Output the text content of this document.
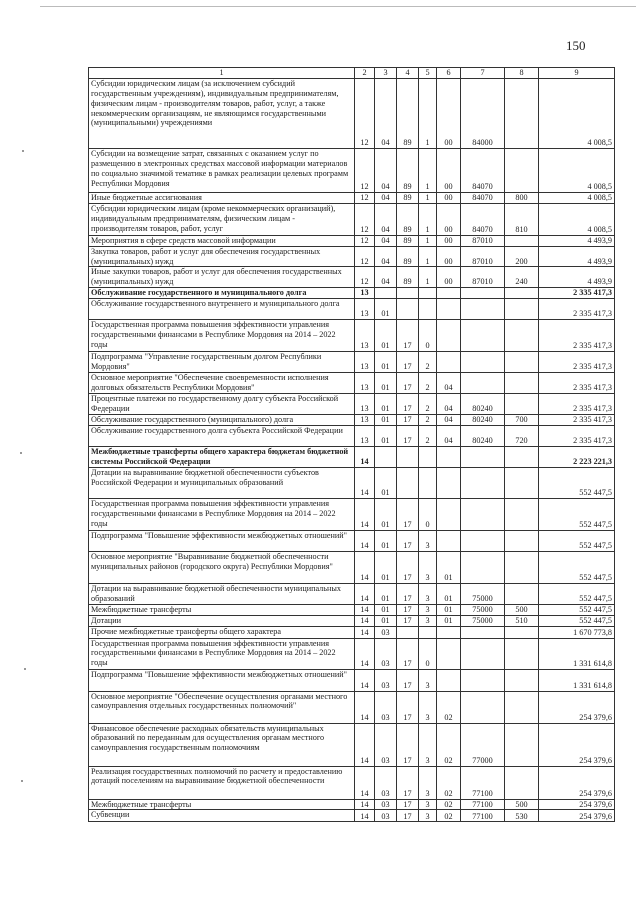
150
1	2	3	4	5	6	7	8	9
Субсидии юридическим лицам (за исключением субсидий государственным учреждениям), индивидуальным предпринимателям, физическим лицам - производителям товаров, работ, услуг, а также некоммерческим организациям, не являющимся государственными (муниципальными) учреждениями	12	04	89	1	00	84000		4 008,5
Субсидии на возмещение затрат, связанных с оказанием услуг по размещению в электронных средствах массовой информации материалов по социально значимой тематике в рамках реализации целевых программ Республики Мордовия	12	04	89	1	00	84070		4 008,5
Иные бюджетные ассигнования	12	04	89	1	00	84070	800	4 008,5
Субсидии юридическим лицам (кроме некоммерческих организаций), индивидуальным предпринимателям, физическим лицам - производителям товаров, работ, услуг	12	04	89	1	00	84070	810	4 008,5
Мероприятия в сфере средств массовой информации	12	04	89	1	00	87010		4 493,9
Закупка товаров, работ и услуг для обеспечения государственных (муниципальных) нужд	12	04	89	1	00	87010	200	4 493,9
Иные закупки товаров, работ и услуг для обеспечения государственных (муниципальных) нужд	12	04	89	1	00	87010	240	4 493,9
Обслуживание государственного и муниципального долга	13							2 335 417,3
Обслуживание государственного внутреннего и муниципального долга	13	01						2 335 417,3
Государственная программа повышения эффективности управления государственными финансами в Республике Мордовия на 2014 – 2022 годы	13	01	17	0				2 335 417,3
Подпрограмма "Управление государственным долгом Республики Мордовия"	13	01	17	2				2 335 417,3
Основное мероприятие "Обеспечение своевременности исполнения долговых обязательств Республики Мордовия"	13	01	17	2	04			2 335 417,3
Процентные платежи по государственному долгу субъекта Российской Федерации	13	01	17	2	04	80240		2 335 417,3
Обслуживание государственного (муниципального) долга	13	01	17	2	04	80240	700	2 335 417,3
Обслуживание государственного долга субъекта Российской Федерации	13	01	17	2	04	80240	720	2 335 417,3
Межбюджетные трансферты общего характера бюджетам бюджетной системы Российской Федерации	14							2 223 221,3
Дотации на выравнивание бюджетной обеспеченности субъектов Российской Федерации и муниципальных образований	14	01						552 447,5
Государственная программа повышения эффективности управления государственными финансами в Республике Мордовия на 2014 – 2022 годы	14	01	17	0				552 447,5
Подпрограмма "Повышение эффективности межбюджетных отношений"	14	01	17	3				552 447,5
Основное мероприятие "Выравнивание бюджетной обеспеченности муниципальных районов (городского округа) Республики Мордовия"	14	01	17	3	01			552 447,5
Дотации на выравнивание бюджетной обеспеченности муниципальных образований	14	01	17	3	01	75000		552 447,5
Межбюджетные трансферты	14	01	17	3	01	75000	500	552 447,5
Дотации	14	01	17	3	01	75000	510	552 447,5
Прочие межбюджетные трансферты общего характера	14	03						1 670 773,8
Государственная программа повышения эффективности управления государственными финансами в Республике Мордовия на 2014 – 2022 годы	14	03	17	0				1 331 614,8
Подпрограмма "Повышение эффективности межбюджетных отношений"	14	03	17	3				1 331 614,8
Основное мероприятие "Обеспечение осуществления органами местного самоуправления отдельных государственных полномочий"	14	03	17	3	02			254 379,6
Финансовое обеспечение расходных обязательств муниципальных образований по переданным для осуществления органам местного самоуправления государственным полномочиям	14	03	17	3	02	77000		254 379,6
Реализация государственных полномочий по расчету и предоставлению дотаций поселениям на выравнивание бюджетной обеспеченности	14	03	17	3	02	77100		254 379,6
Межбюджетные трансферты	14	03	17	3	02	77100	500	254 379,6
Субвенции	14	03	17	3	02	77100	530	254 379,6
